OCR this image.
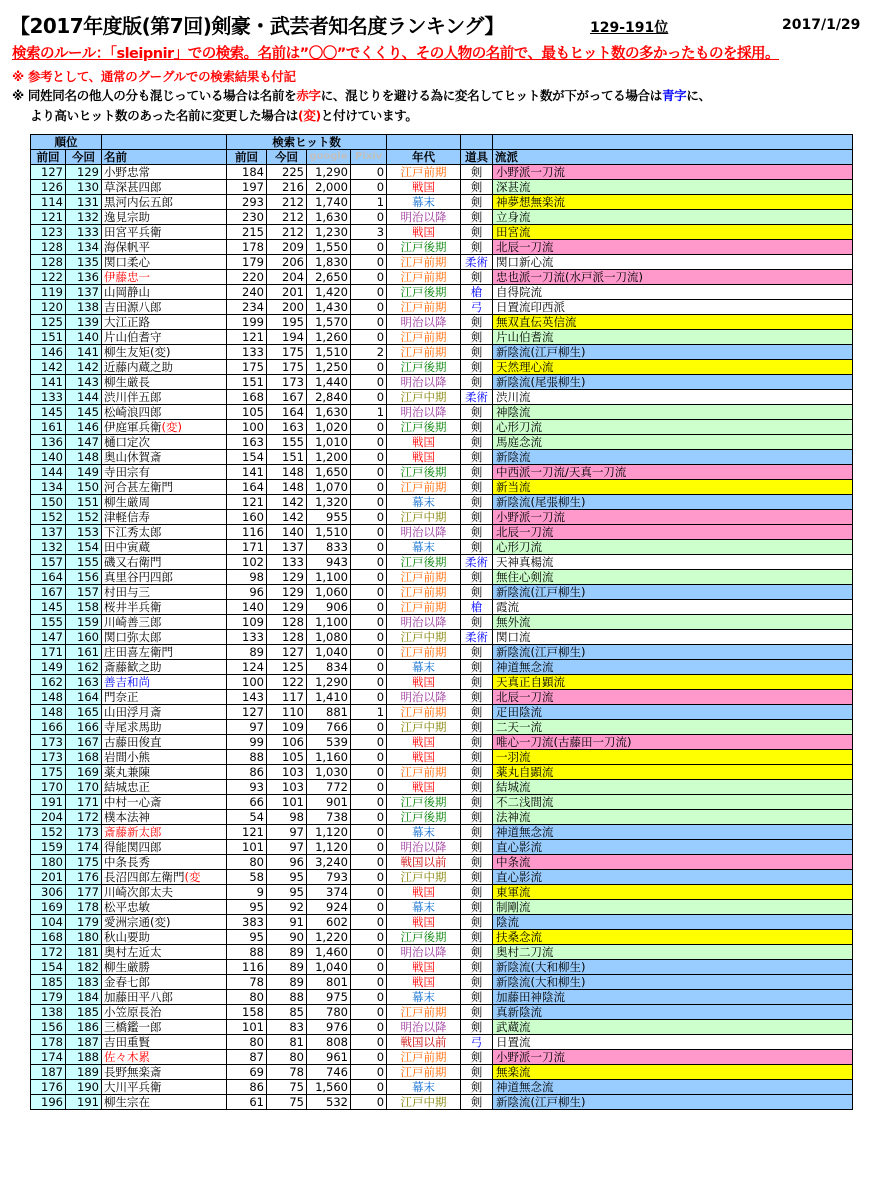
【2017年度版(第7回)剣豪・武芸者知名度ランキング】	129-191位	2017/1/29
検索のルール：「sleipnir」での検索。名前は”〇〇”でくくり、その人物の名前で、最もヒット数の多かったものを採用。
※ 参考として、通常のグーグルでの検索結果も付記
※ 同姓同名の他人の分も混じっている場合は名前を赤字に、混じりを避ける為に変名してヒット数が下がってる場合は青字に、
より高いヒット数のあった名前に変更した場合は(変)と付けています。
順位			検索ヒット数						
前回	今回	名前	前回	今回	google	Pixiv	年代	道具	流派
127	129	小野忠常	184	225	1,290	0	江戸前期	剣	小野派一刀流
126	130	草深甚四郎	197	216	2,000	0	戦国	剣	深甚流
114	131	黒河内伝五郎	293	212	1,740	1	幕末	剣	神夢想無楽流
121	132	逸見宗助	230	212	1,630	0	明治以降	剣	立身流
123	133	田宮平兵衛	215	212	1,230	3	戦国	剣	田宮流
128	134	海保帆平	178	209	1,550	0	江戸後期	剣	北辰一刀流
128	135	関口柔心	179	206	1,830	0	江戸前期	柔術	関口新心流
122	136	伊藤忠一	220	204	2,650	0	江戸前期	剣	忠也派一刀流(水戸派一刀流)
119	137	山岡静山	240	201	1,420	0	江戸後期	槍	自得院流
120	138	吉田源八郎	234	200	1,430	0	江戸前期	弓	日置流印西派
125	139	大江正路	199	195	1,570	0	明治以降	剣	無双直伝英信流
151	140	片山伯耆守	121	194	1,260	0	江戸前期	剣	片山伯耆流
146	141	柳生友矩(変)	133	175	1,510	2	江戸前期	剣	新陰流(江戸柳生)
142	142	近藤内蔵之助	175	175	1,250	0	江戸後期	剣	天然理心流
141	143	柳生厳長	151	173	1,440	0	明治以降	剣	新陰流(尾張柳生)
133	144	渋川伴五郎	168	167	2,840	0	江戸中期	柔術	渋川流
145	145	松崎浪四郎	105	164	1,630	1	明治以降	剣	神陰流
161	146	伊庭軍兵衛(変)	100	163	1,020	0	江戸後期	剣	心形刀流
136	147	樋口定次	163	155	1,010	0	戦国	剣	馬庭念流
140	148	奥山休賀斎	154	151	1,200	0	戦国	剣	新陰流
144	149	寺田宗有	141	148	1,650	0	江戸後期	剣	中西派一刀流/天真一刀流
134	150	河合甚左衛門	164	148	1,070	0	江戸前期	剣	新当流
150	151	柳生厳周	121	142	1,320	0	幕末	剣	新陰流(尾張柳生)
152	152	津軽信寿	160	142	955	0	江戸中期	剣	小野派一刀流
137	153	下江秀太郎	116	140	1,510	0	明治以降	剣	北辰一刀流
132	154	田中寅蔵	171	137	833	0	幕末	剣	心形刀流
157	155	磯又右衛門	102	133	943	0	江戸後期	柔術	天神真楊流
164	156	真里谷円四郎	98	129	1,100	0	江戸前期	剣	無住心剣流
167	157	村田与三	96	129	1,060	0	江戸前期	剣	新陰流(江戸柳生)
145	158	桜井半兵衛	140	129	906	0	江戸前期	槍	霞流
155	159	川崎善三郎	109	128	1,100	0	明治以降	剣	無外流
147	160	関口弥太郎	133	128	1,080	0	江戸中期	柔術	関口流
171	161	庄田喜左衛門	89	127	1,040	0	江戸前期	剣	新陰流(江戸柳生)
149	162	斎藤歓之助	124	125	834	0	幕末	剣	神道無念流
162	163	善吉和尚	100	122	1,290	0	戦国	剣	天真正自顕流
148	164	門奈正	143	117	1,410	0	明治以降	剣	北辰一刀流
148	165	山田浮月斎	127	110	881	1	江戸前期	剣	疋田陰流
166	166	寺尾求馬助	97	109	766	0	江戸中期	剣	二天一流
173	167	古藤田俊直	99	106	539	0	戦国	剣	唯心一刀流(古藤田一刀流)
173	168	岩間小熊	88	105	1,160	0	戦国	剣	一羽流
175	169	薬丸兼陳	86	103	1,030	0	江戸前期	剣	薬丸自顕流
170	170	結城忠正	93	103	772	0	戦国	剣	結城流
191	171	中村一心斎	66	101	901	0	江戸後期	剣	不二浅間流
204	172	樸本法神	54	98	738	0	江戸後期	剣	法神流
152	173	斎藤新太郎	121	97	1,120	0	幕末	剣	神道無念流
159	174	得能関四郎	101	97	1,120	0	明治以降	剣	直心影流
180	175	中条長秀	80	96	3,240	0	戦国以前	剣	中条流
201	176	長沼四郎左衛門(変	58	95	793	0	江戸中期	剣	直心影流
306	177	川崎次郎太夫	9	95	374	0	戦国	剣	東軍流
169	178	松平忠敏	95	92	924	0	幕末	剣	制剛流
104	179	愛洲宗通(変)	383	91	602	0	戦国	剣	陰流
168	180	秋山要助	95	90	1,220	0	江戸後期	剣	扶桑念流
172	181	奥村左近太	88	89	1,460	0	明治以降	剣	奥村二刀流
154	182	柳生厳勝	116	89	1,040	0	戦国	剣	新陰流(大和柳生)
185	183	金春七郎	78	89	801	0	戦国	剣	新陰流(大和柳生)
179	184	加藤田平八郎	80	88	975	0	幕末	剣	加藤田神陰流
138	185	小笠原長治	158	85	780	0	江戸前期	剣	真新陰流
156	186	三橋鑑一郎	101	83	976	0	明治以降	剣	武蔵流
178	187	吉田重賢	80	81	808	0	戦国以前	弓	日置流
174	188	佐々木累	87	80	961	0	江戸前期	剣	小野派一刀流
187	189	長野無楽斎	69	78	746	0	江戸前期	剣	無楽流
176	190	大川平兵衛	86	75	1,560	0	幕末	剣	神道無念流
196	191	柳生宗在	61	75	532	0	江戸中期	剣	新陰流(江戸柳生)
